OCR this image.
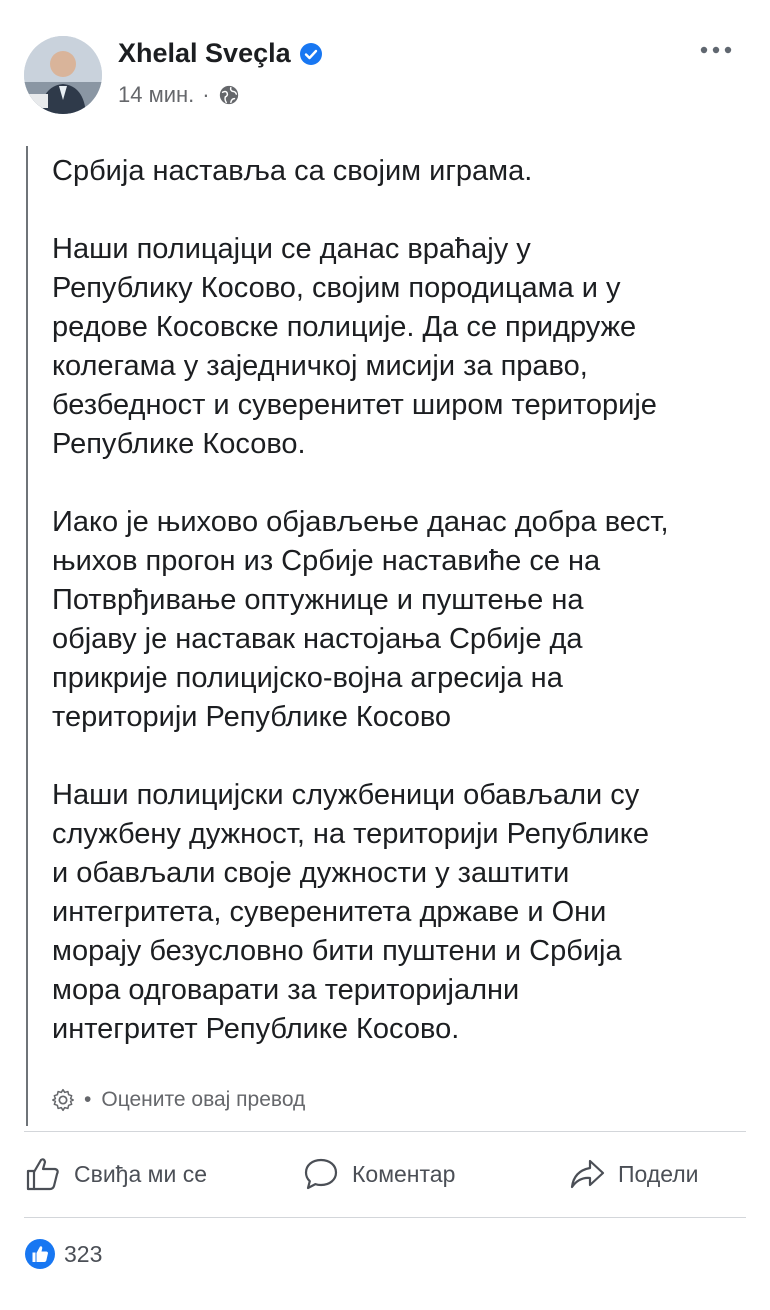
Xhelal Sveçla
14 мин. ·

Србија наставља са својим играма.

Наши полицајци се данас враћају у
Републику Косово, својим породицама и у
редове Косовске полиције. Да се придруже
колегама у заједничкој мисији за право,
безбедност и суверенитет широм територије
Републике Косово.

Иако је њихово објављење данас добра вест,
њихов прогон из Србије наставиће се на
Потврђивање оптужнице и пуштење на
објаву је наставак настојања Србије да
прикрије полицијско-војна агресија на
територији Републике Косово

Наши полицијски службеници обављали су
службену дужност, на територији Републике
и обављали своје дужности у заштити
интегритета, суверенитета државе и Они
морају безусловно бити пуштени и Србија
мора одговарати за територијални
интегритет Републике Косово.

• Оцените овај превод
Свиђа ми се	Коментар	Подели
323
